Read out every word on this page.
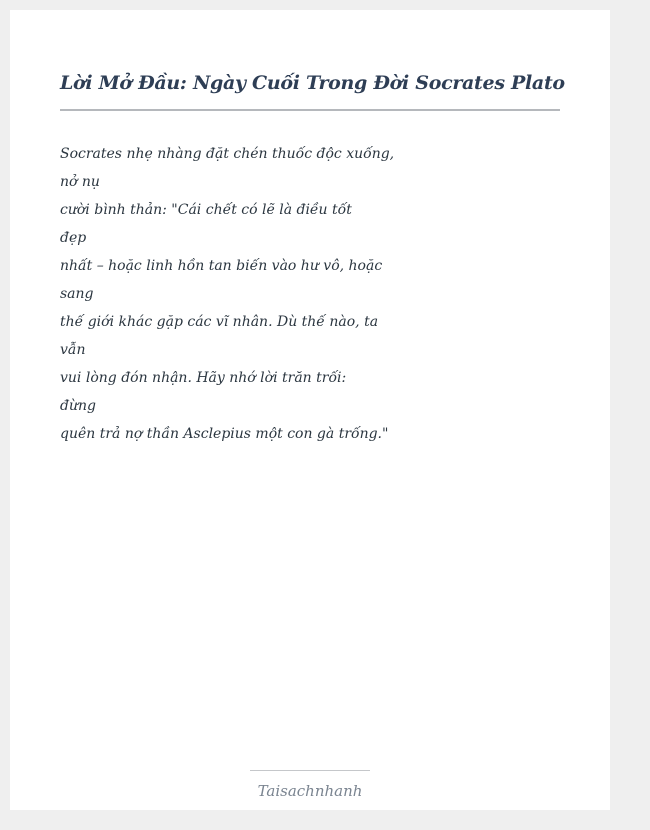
Lời Mở Đầu: Ngày Cuối Trong Đời Socrates Plato
Socrates nhẹ nhàng đặt chén thuốc độc xuống,
nở nụ
cười bình thản: "Cái chết có lẽ là điều tốt
đẹp
nhất – hoặc linh hồn tan biến vào hư vô, hoặc
sang
thế giới khác gặp các vĩ nhân. Dù thế nào, ta
vẫn
vui lòng đón nhận. Hãy nhớ lời trăn trối:
đừng
quên trả nợ thần Asclepius một con gà trống."
Taisachnhanh
